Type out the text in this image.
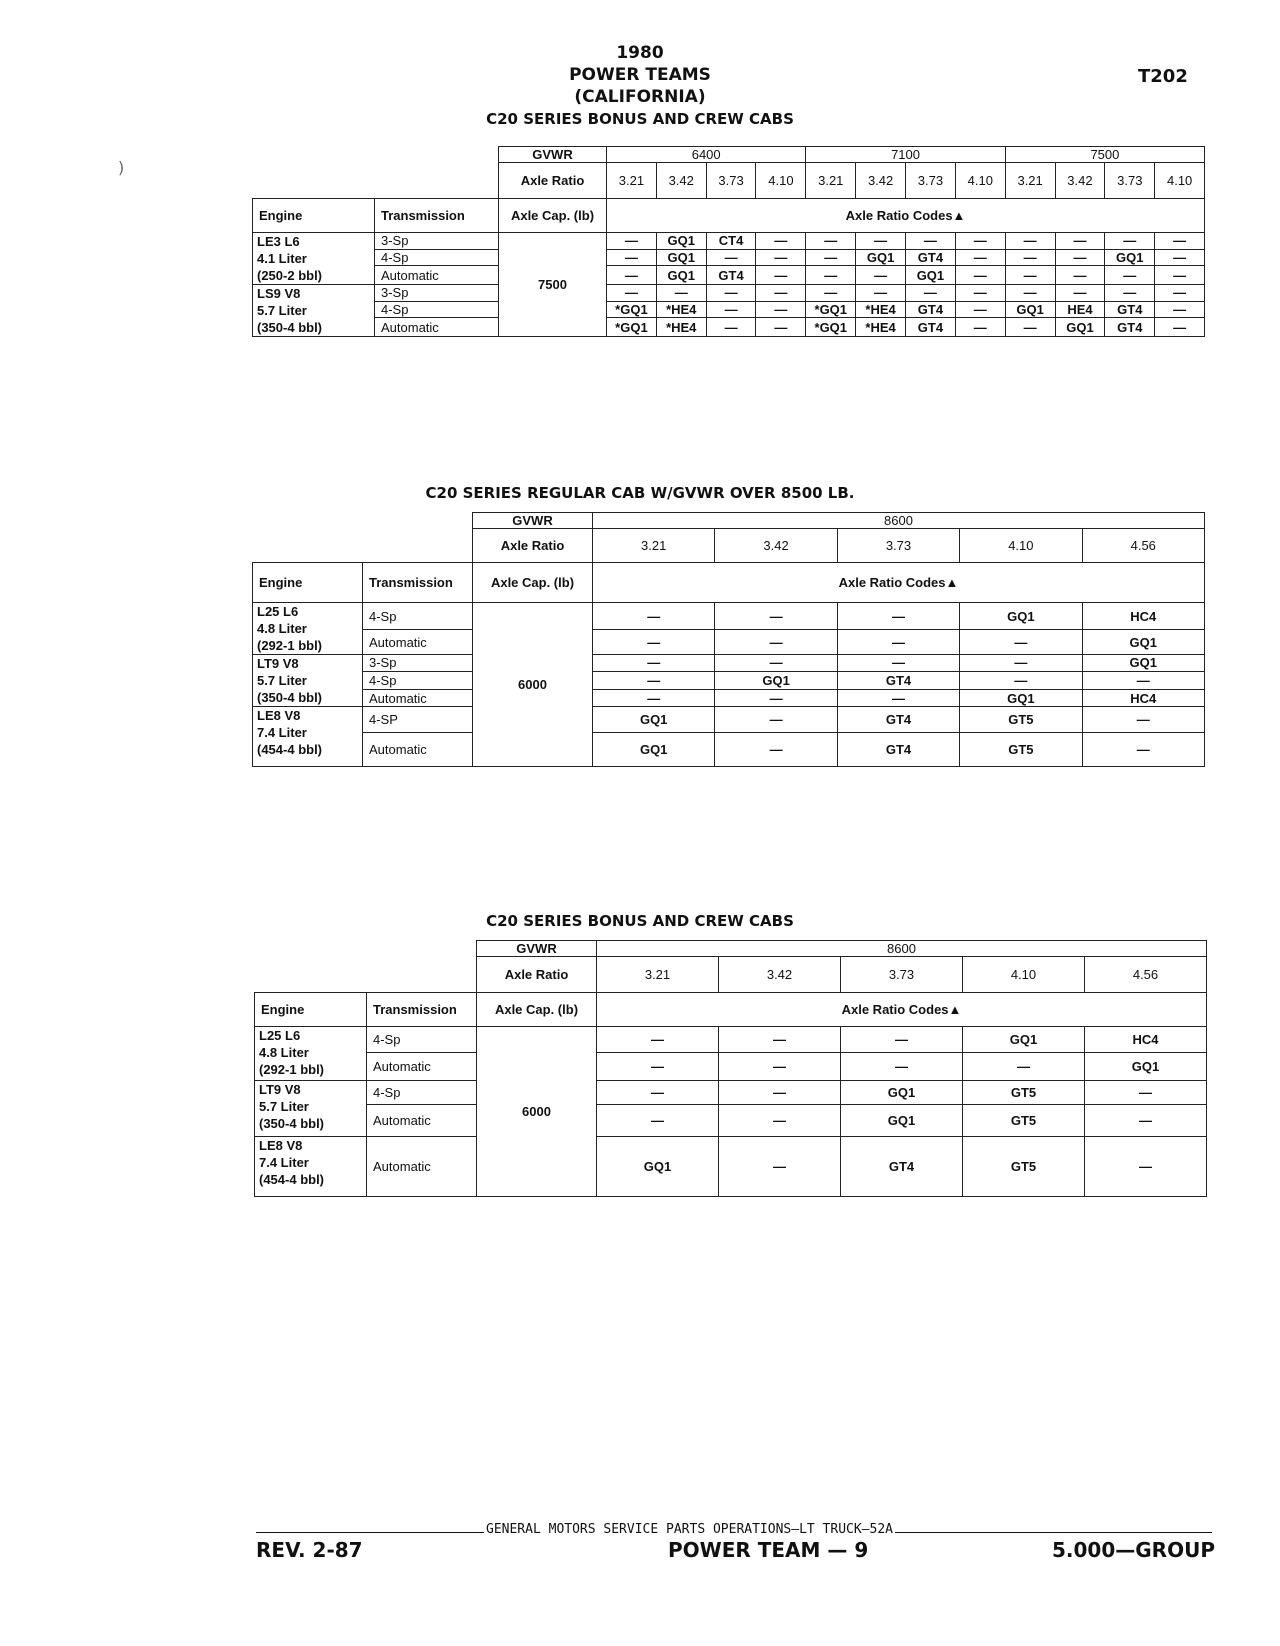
1980
POWER TEAMS
(CALIFORNIA)
T202
C20 SERIES BONUS AND CREW CABS
		GVWR	6400				7100				7500			
		Axle Ratio	3.21	3.42	3.73	4.10	3.21	3.42	3.73	4.10	3.21	3.42	3.73	4.10
Engine	Transmission	Axle Cap. (lb)	Axle Ratio Codes▲											

LE3 L6
4.1 Liter
(250-2 bbl)	3-Sp	7500	—	GQ1	CT4	—	—	—	—	—	—	—	—	—
	4-Sp		—	GQ1	—	—	—	GQ1	GT4	—	—	—	GQ1	—
	Automatic		—	GQ1	GT4	—	—	—	GQ1	—	—	—	—	—

LS9 V8
5.7 Liter
(350-4 bbl)	3-Sp		—	—	—	—	—	—	—	—	—	—	—	—
	4-Sp		*GQ1	*HE4	—	—	*GQ1	*HE4	GT4	—	GQ1	HE4	GT4	—
	Automatic		*GQ1	*HE4	—	—	*GQ1	*HE4	GT4	—	—	GQ1	GT4	—
C20 SERIES REGULAR CAB W/GVWR OVER 8500 LB.
		GVWR	8600				
		Axle Ratio	3.21	3.42	3.73	4.10	4.56
Engine	Transmission	Axle Cap. (lb)	Axle Ratio Codes▲				

L25 L6
4.8 Liter
(292-1 bbl)	4-Sp	6000	—	—	—	GQ1	HC4
	Automatic		—	—	—	—	GQ1

LT9 V8
5.7 Liter
(350-4 bbl)	3-Sp		—	—	—	—	GQ1
	4-Sp		—	GQ1	GT4	—	—
	Automatic		—	—	—	GQ1	HC4

LE8 V8
7.4 Liter
(454-4 bbl)	4-SP		GQ1	—	GT4	GT5	—
	Automatic		GQ1	—	GT4	GT5	—
C20 SERIES BONUS AND CREW CABS
		GVWR	8600				
		Axle Ratio	3.21	3.42	3.73	4.10	4.56
Engine	Transmission	Axle Cap. (lb)	Axle Ratio Codes▲				

L25 L6
4.8 Liter
(292-1 bbl)	4-Sp	6000	—	—	—	GQ1	HC4
	Automatic		—	—	—	—	GQ1

LT9 V8
5.7 Liter
(350-4 bbl)	4-Sp		—	—	GQ1	GT5	—
	Automatic		—	—	GQ1	GT5	—

LE8 V8
7.4 Liter
(454-4 bbl)	Automatic		GQ1	—	GT4	GT5	—
)
GENERAL MOTORS SERVICE PARTS OPERATIONS—LT TRUCK—52A
REV. 2-87	POWER TEAM — 9	5.000—GROUP
